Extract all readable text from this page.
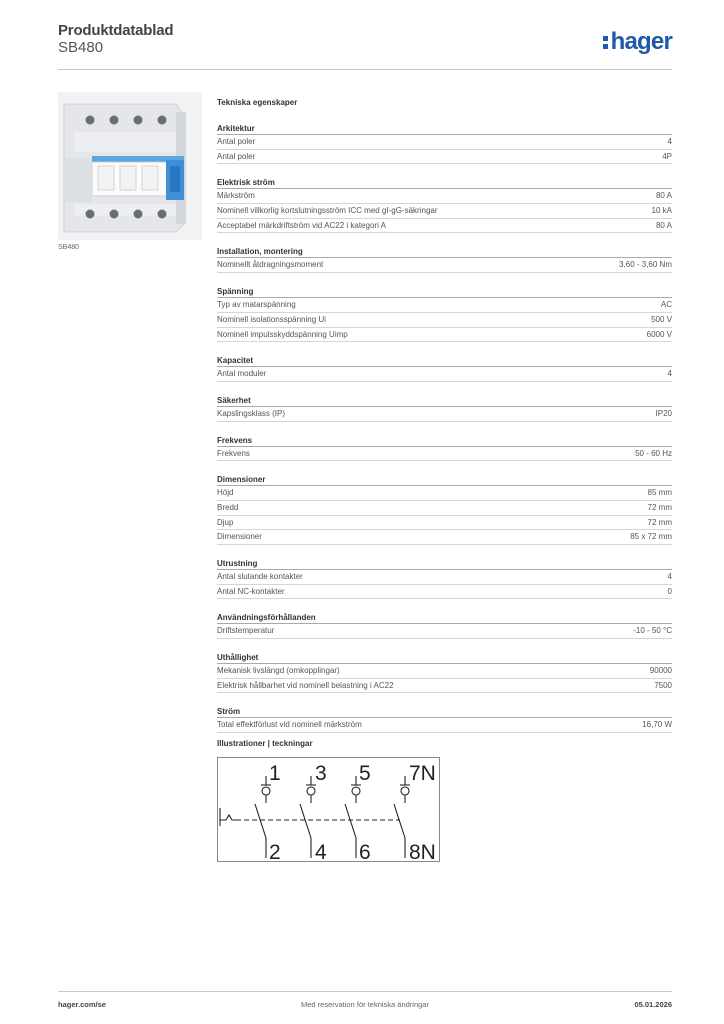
Produktdatablad
SB480	hager
SB480
Tekniska egenskaper
Arkitektur
Antal poler	4
Antal poler	4P
Elektrisk ström
Märkström	80 A
Nominell villkorlig kortslutningsström ICC med gI-gG-säkringar	10 kA
Acceptabel märkdriftström vid AC22 i kategori A	80 A
Installation, montering
Nominellt åtdragningsmoment	3,60 - 3,60 Nm
Spänning
Typ av matarspänning	AC
Nominell isolationsspänning Ui	500 V
Nominell impulsskyddspänning Uimp	6000 V
Kapacitet
Antal moduler	4
Säkerhet
Kapslingsklass (IP)	IP20
Frekvens
Frekvens	50 - 60 Hz
Dimensioner
Höjd	85 mm
Bredd	72 mm
Djup	72 mm
Dimensioner	85 x 72 mm
Utrustning
Antal slutande kontakter	4
Antal NC-kontakter	0
Användningsförhållanden
Driftstemperatur	-10 - 50 °C
Uthållighet
Mekanisk livslängd (omkopplingar)	90000
Elektrisk hållbarhet vid nominell belastning i AC22	7500
Ström
Total effektförlust vid nominell märkström	16,70 W
Illustrationer | teckningar
1 3 5 7N
2 4 6 8N
hager.com/se	Med reservation för tekniska ändringar	05.01.2026
